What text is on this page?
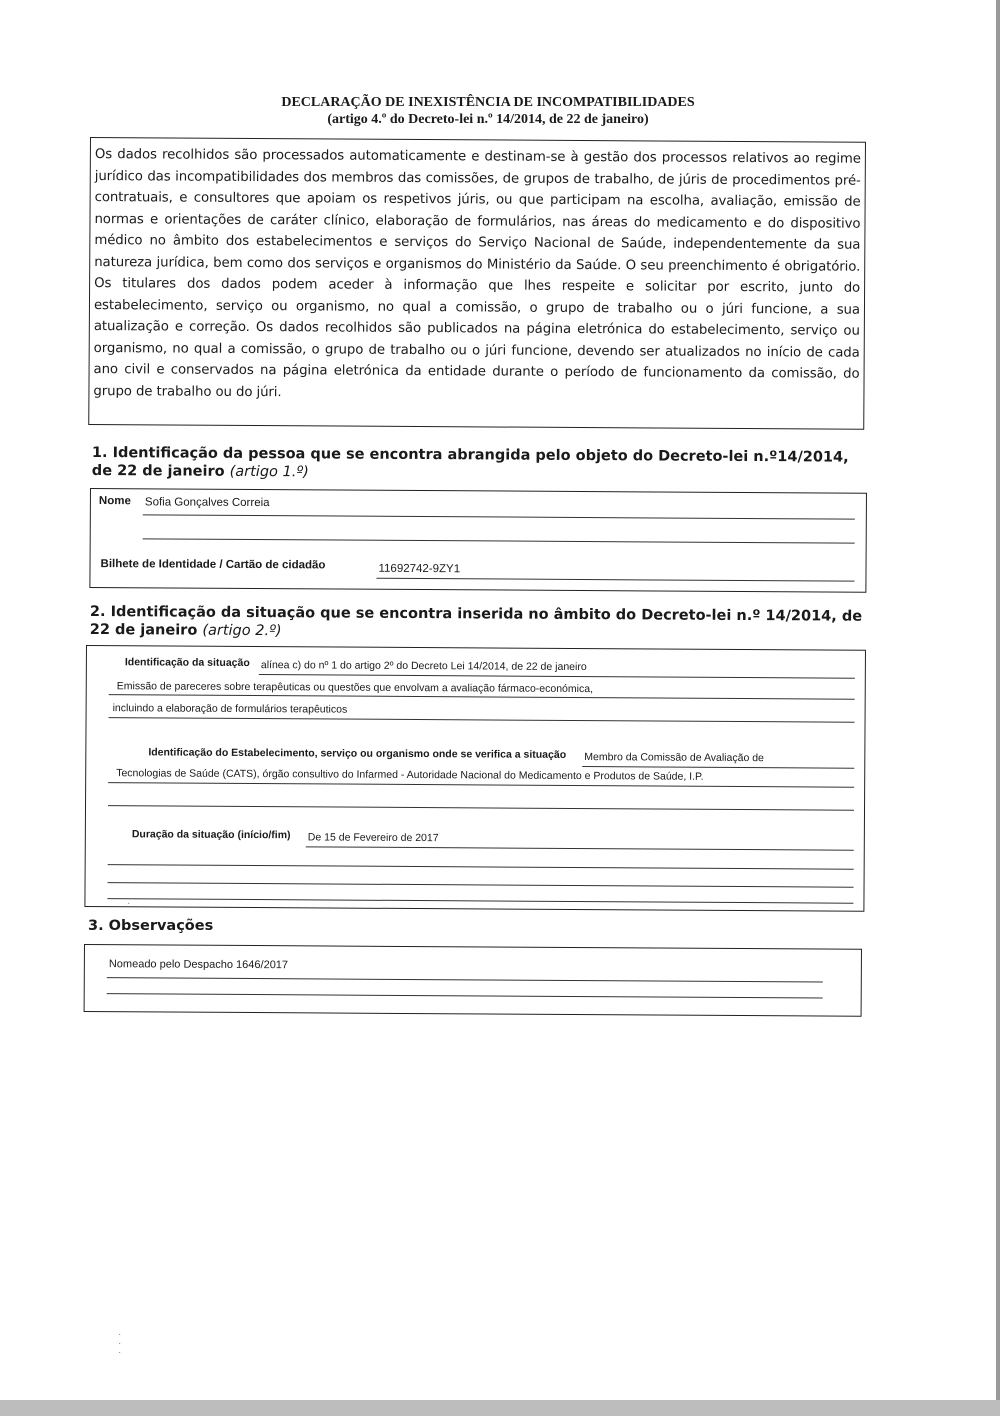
DECLARAÇÃO DE INEXISTÊNCIA DE INCOMPATIBILIDADES
(artigo 4.º do Decreto-lei n.º 14/2014, de 22 de janeiro)
Os dados recolhidos são processados automaticamente e destinam-se à gestão dos processos relativos ao regime jurídico das incompatibilidades dos membros das comissões, de grupos de trabalho, de júris de procedimentos pré-contratuais, e consultores que apoiam os respetivos júris, ou que participam na escolha, avaliação, emissão de normas e orientações de caráter clínico, elaboração de formulários, nas áreas do medicamento e do dispositivo médico no âmbito dos estabelecimentos e serviços do Serviço Nacional de Saúde, independentemente da sua natureza jurídica, bem como dos serviços e organismos do Ministério da Saúde. O seu preenchimento é obrigatório. Os titulares dos dados podem aceder à informação que lhes respeite e solicitar por escrito, junto do estabelecimento, serviço ou organismo, no qual a comissão, o grupo de trabalho ou o júri funcione, a sua atualização e correção. Os dados recolhidos são publicados na página eletrónica do estabelecimento, serviço ou organismo, no qual a comissão, o grupo de trabalho ou o júri funcione, devendo ser atualizados no início de cada ano civil e conservados na página eletrónica da entidade durante o período de funcionamento da comissão, do grupo de trabalho ou do júri.
1. Identificação da pessoa que se encontra abrangida pelo objeto do Decreto-lei n.º14/2014, de 22 de janeiro (artigo 1.º)
Nome Sofia Gonçalves Correia
Bilhete de Identidade / Cartão de cidadão	11692742-9ZY1
2. Identificação da situação que se encontra inserida no âmbito do Decreto-lei n.º 14/2014, de 22 de janeiro (artigo 2.º)
Identificação da situação alínea c) do nº 1 do artigo 2º do Decreto Lei 14/2014, de 22 de janeiro
Emissão de pareceres sobre terapêuticas ou questões que envolvam a avaliação fármaco-económica,
incluindo a elaboração de formulários terapêuticos
Identificação do Estabelecimento, serviço ou organismo onde se verifica a situação Membro da Comissão de Avaliação de
Tecnologias de Saúde (CATS), órgão consultivo do Infarmed - Autoridade Nacional do Medicamento e Produtos de Saúde, I.P.
Duração da situação (início/fim) De 15 de Fevereiro de 2017
3. Observações
Nomeado pelo Despacho 1646/2017
·
·
·
·
